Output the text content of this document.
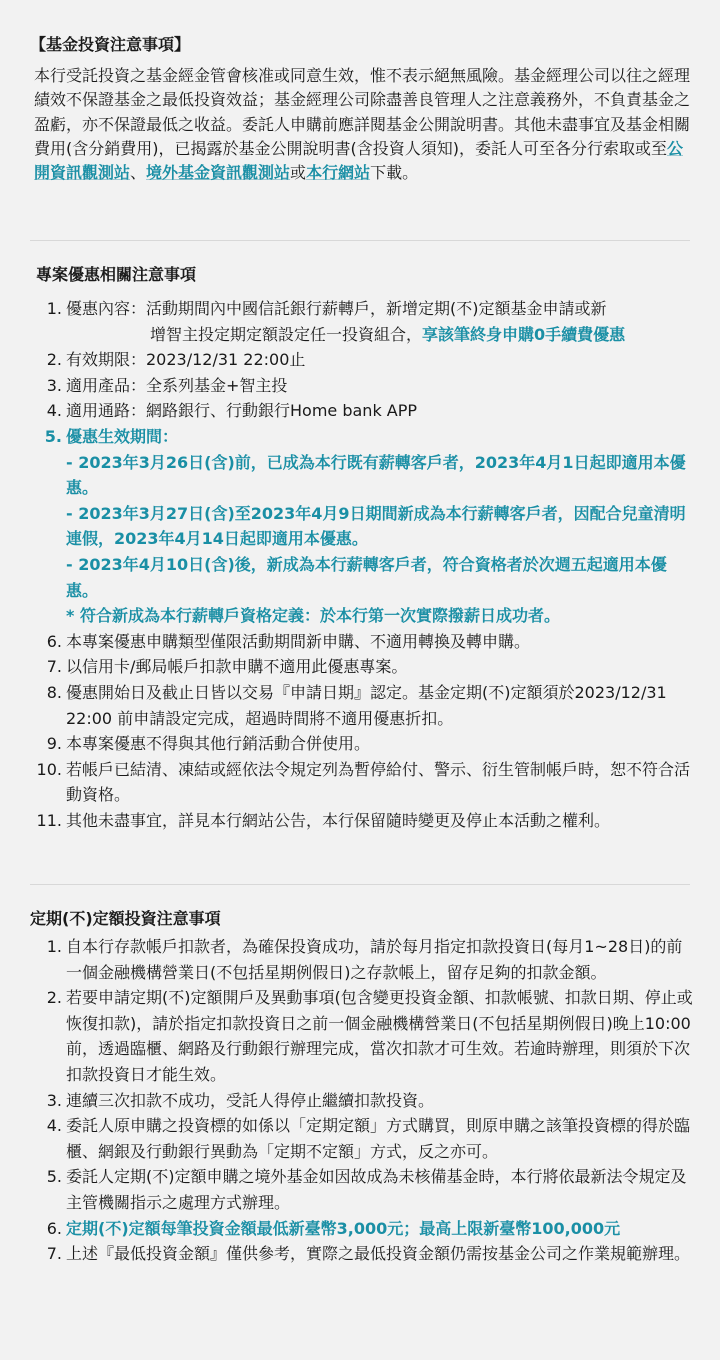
【基金投資注意事項】
本行受託投資之基金經金管會核准或同意生效，惟不表示絕無風險。基金經理公司以往之經理績效不保證基金之最低投資效益；基金經理公司除盡善良管理人之注意義務外，不負責基金之盈虧，亦不保證最低之收益。委託人申購前應詳閱基金公開說明書。其他未盡事宜及基金相關費用(含分銷費用)，已揭露於基金公開說明書(含投資人須知)，委託人可至各分行索取或至公開資訊觀測站、境外基金資訊觀測站或本行網站下載。
專案優惠相關注意事項
1. 優惠內容：活動期間內中國信託銀行薪轉戶，新增定期(不)定額基金申請或新
增智主投定期定額設定任一投資組合，享該筆終身申購0手續費優惠
2. 有效期限：2023/12/31 22:00止
3. 適用產品：全系列基金+智主投
4. 適用通路：網路銀行、行動銀行Home bank APP
5. 優惠生效期間：
- 2023年3月26日(含)前，已成為本行既有薪轉客戶者，2023年4月1日起即適用本優惠。
- 2023年3月27日(含)至2023年4月9日期間新成為本行薪轉客戶者，因配合兒童清明連假，2023年4月14日起即適用本優惠。
- 2023年4月10日(含)後，新成為本行薪轉客戶者，符合資格者於次週五起適用本優惠。
* 符合新成為本行薪轉戶資格定義：於本行第一次實際撥薪日成功者。
6. 本專案優惠申購類型僅限活動期間新申購、不適用轉換及轉申購。
7. 以信用卡/郵局帳戶扣款申購不適用此優惠專案。
8. 優惠開始日及截止日皆以交易『申請日期』認定。基金定期(不)定額須於2023/12/31 22:00 前申請設定完成，超過時間將不適用優惠折扣。
9. 本專案優惠不得與其他行銷活動合併使用。
10. 若帳戶已結清、凍結或經依法令規定列為暫停給付、警示、衍生管制帳戶時，恕不符合活動資格。
11. 其他未盡事宜，詳見本行網站公告，本行保留隨時變更及停止本活動之權利。
定期(不)定額投資注意事項
1. 自本行存款帳戶扣款者，為確保投資成功，請於每月指定扣款投資日(每月1~28日)的前一個金融機構營業日(不包括星期例假日)之存款帳上，留存足夠的扣款金額。
2. 若要申請定期(不)定額開戶及異動事項(包含變更投資金額、扣款帳號、扣款日期、停止或恢復扣款)，請於指定扣款投資日之前一個金融機構營業日(不包括星期例假日)晚上10:00前，透過臨櫃、網路及行動銀行辦理完成，當次扣款才可生效。若逾時辦理，則須於下次扣款投資日才能生效。
3. 連續三次扣款不成功，受託人得停止繼續扣款投資。
4. 委託人原申購之投資標的如係以「定期定額」方式購買，則原申購之該筆投資標的得於臨櫃、網銀及行動銀行異動為「定期不定額」方式，反之亦可。
5. 委託人定期(不)定額申購之境外基金如因故成為未核備基金時，本行將依最新法令規定及主管機關指示之處理方式辦理。
6. 定期(不)定額每筆投資金額最低新臺幣3,000元；最高上限新臺幣100,000元
7. 上述『最低投資金額』僅供參考，實際之最低投資金額仍需按基金公司之作業規範辦理。
